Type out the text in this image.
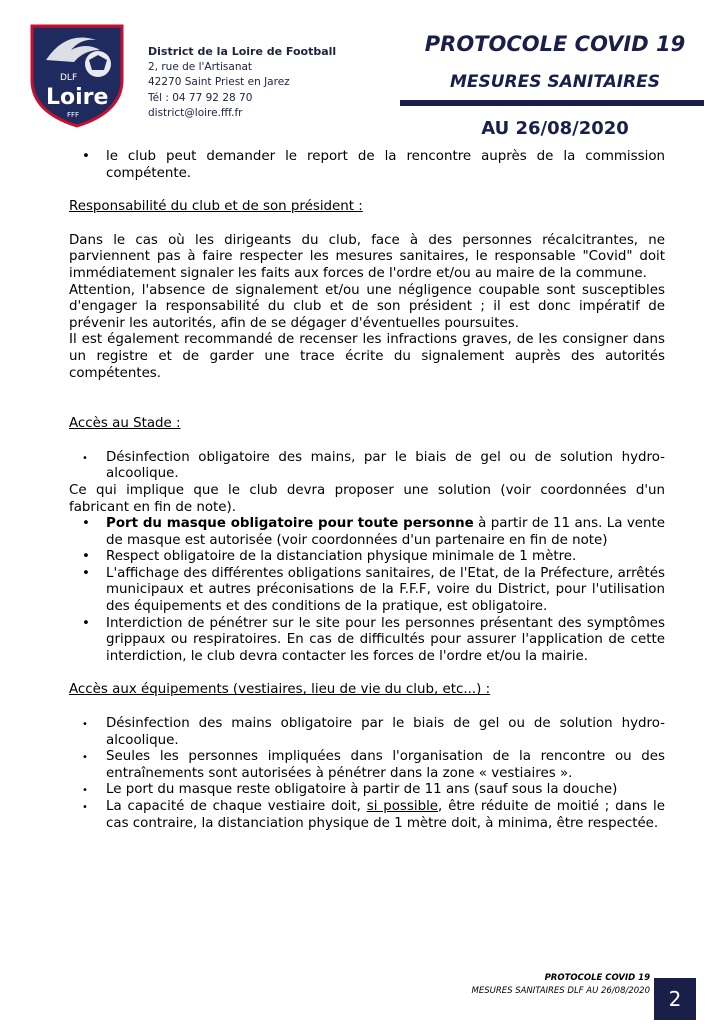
DLF
Loire
FFF
District de la Loire de Football
2, rue de l'Artisanat
42270 Saint Priest en Jarez
Tél : 04 77 92 28 70
district@loire.fff.fr
PROTOCOLE COVID 19
MESURES SANITAIRES
AU 26/08/2020
• le club peut demander le report de la rencontre auprès de la commission compétente.

Responsabilité du club et de son président :

Dans le cas où les dirigeants du club, face à des personnes récalcitrantes, ne parviennent pas à faire respecter les mesures sanitaires, le responsable "Covid" doit immédiatement signaler les faits aux forces de l'ordre et/ou au maire de la commune.

Attention, l'absence de signalement et/ou une négligence coupable sont susceptibles d'engager la responsabilité du club et de son président ; il est donc impératif de prévenir les autorités, afin de se dégager d'éventuelles poursuites.

Il est également recommandé de recenser les infractions graves, de les consigner dans un registre et de garder une trace écrite du signalement auprès des autorités compétentes.

Accès au Stade :

• Désinfection obligatoire des mains, par le biais de gel ou de solution hydro-alcoolique.

Ce qui implique que le club devra proposer une solution (voir coordonnées d'un fabricant en fin de note).

• Port du masque obligatoire pour toute personne à partir de 11 ans. La vente de masque est autorisée (voir coordonnées d'un partenaire en fin de note)
• Respect obligatoire de la distanciation physique minimale de 1 mètre.
• L'affichage des différentes obligations sanitaires, de l'Etat, de la Préfecture, arrêtés municipaux et autres préconisations de la F.F.F, voire du District, pour l'utilisation des équipements et des conditions de la pratique, est obligatoire.
• Interdiction de pénétrer sur le site pour les personnes présentant des symptômes grippaux ou respiratoires. En cas de difficultés pour assurer l'application de cette interdiction, le club devra contacter les forces de l'ordre et/ou la mairie.

Accès aux équipements (vestiaires, lieu de vie du club, etc...) :

• Désinfection des mains obligatoire par le biais de gel ou de solution hydro-alcoolique.
• Seules les personnes impliquées dans l'organisation de la rencontre ou des entraînements sont autorisées à pénétrer dans la zone « vestiaires ».
• Le port du masque reste obligatoire à partir de 11 ans (sauf sous la douche)
• La capacité de chaque vestiaire doit, si possible, être réduite de moitié ; dans le cas contraire, la distanciation physique de 1 mètre doit, à minima, être respectée.
PROTOCOLE COVID 19
MESURES SANITAIRES DLF AU 26/08/2020 2
